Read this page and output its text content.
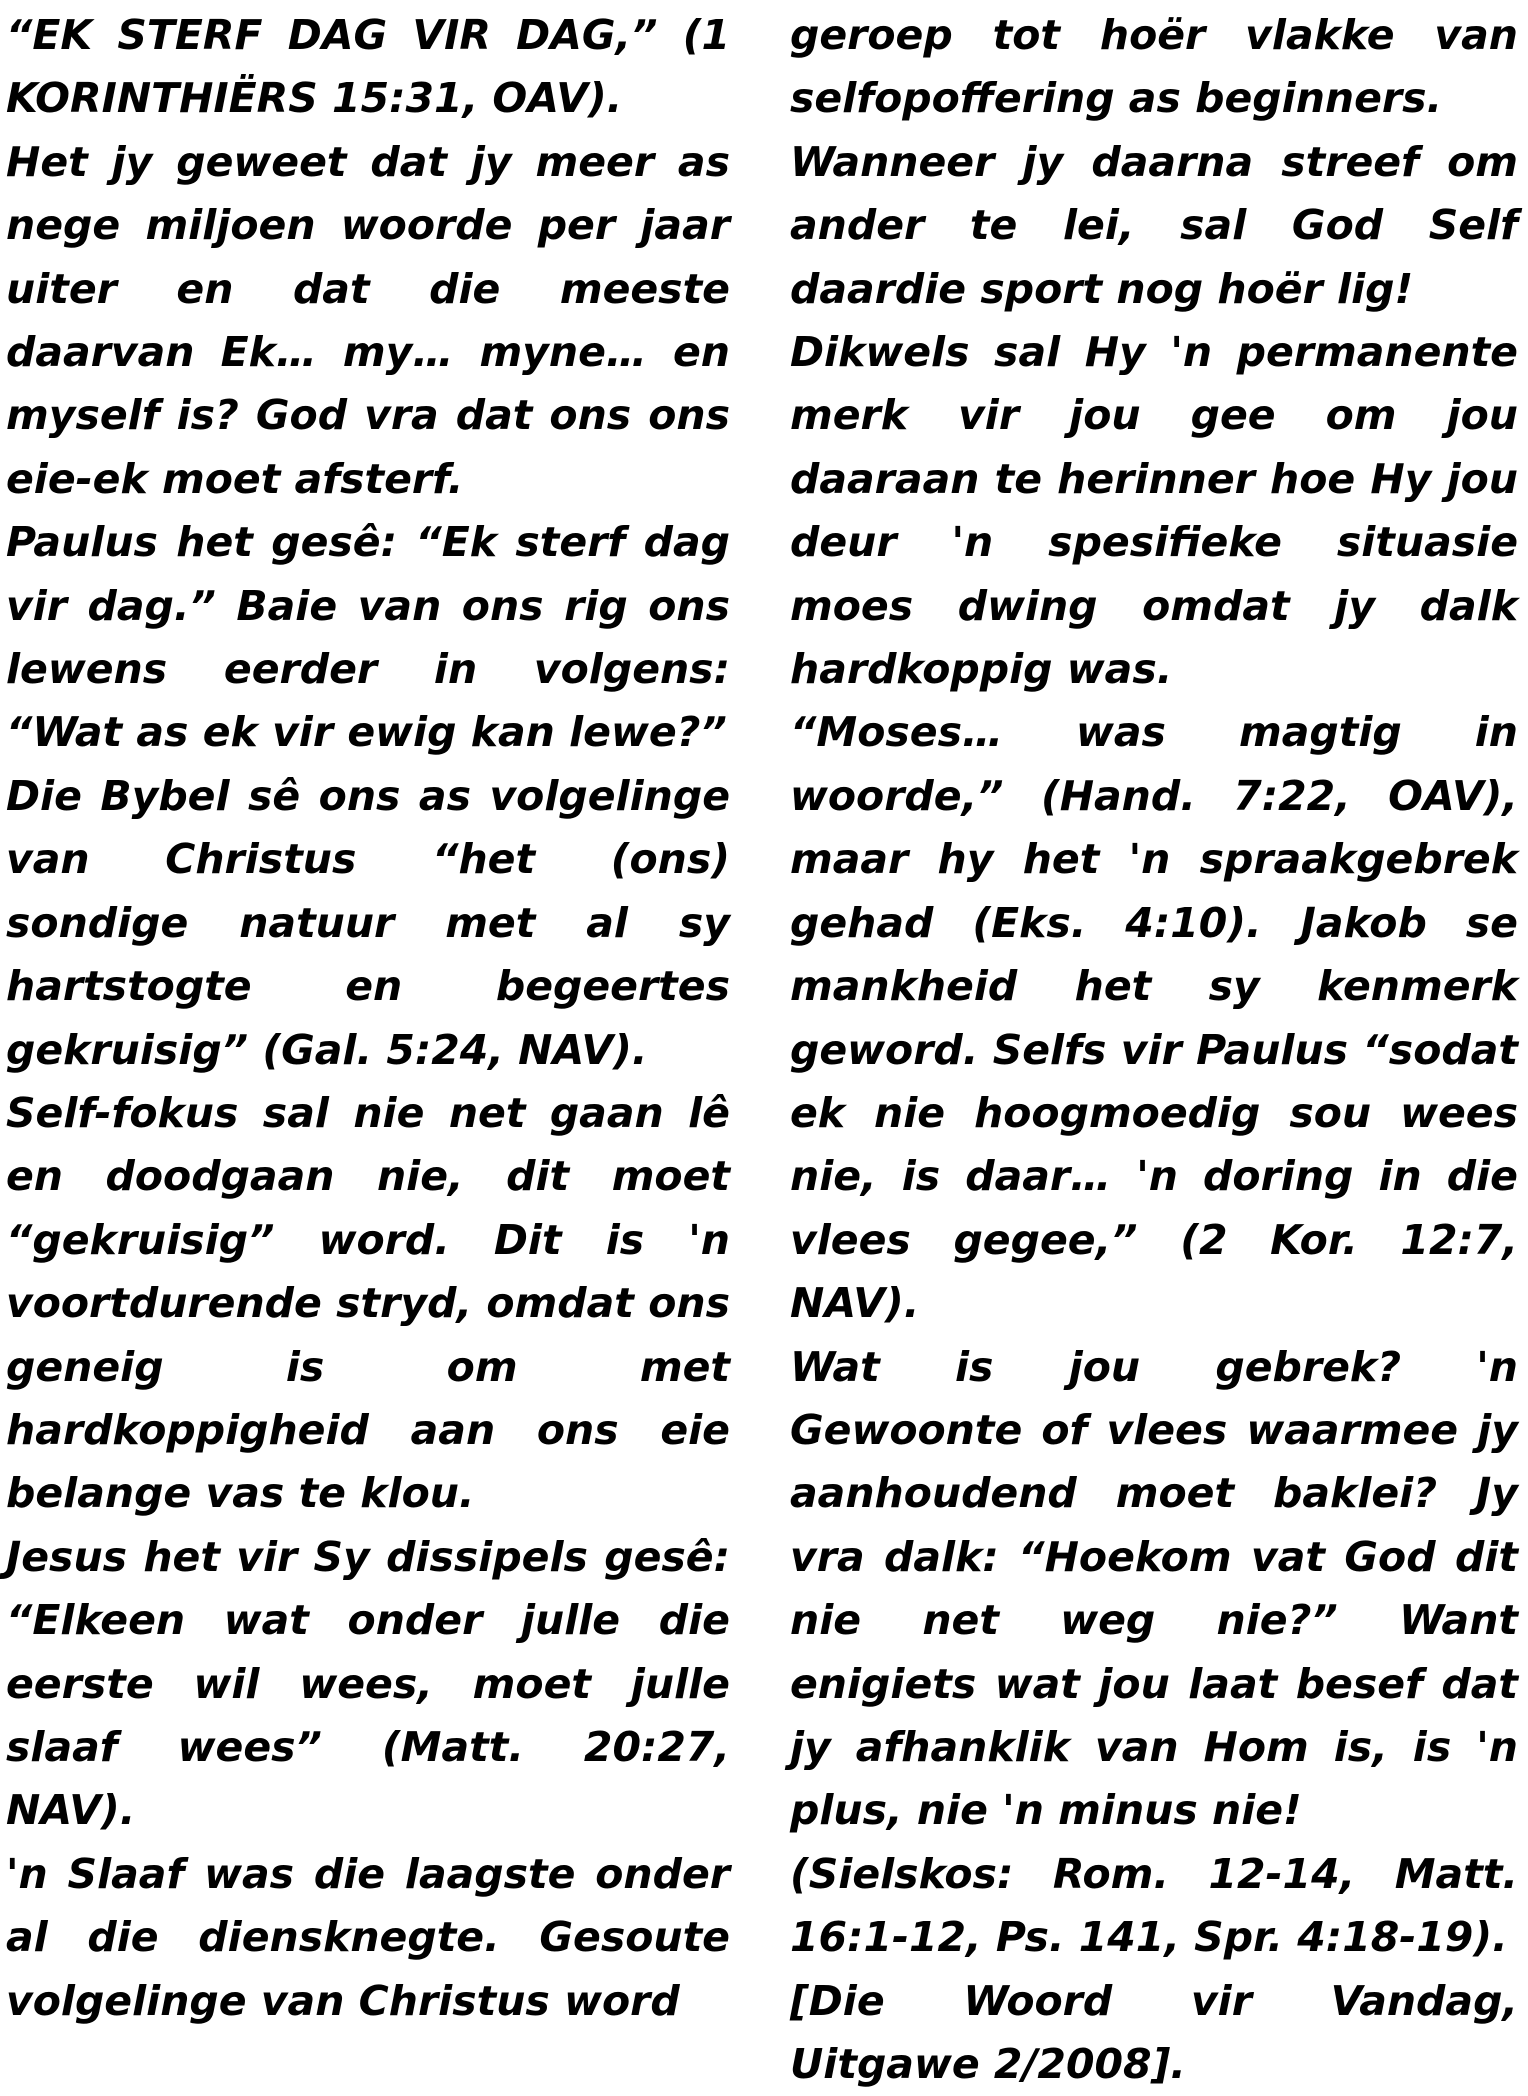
“EK STERF DAG VIR DAG,” (1 KORINTHIËRS 15:31, OAV).

Het jy geweet dat jy meer as nege miljoen woorde per jaar uiter en dat die meeste daarvan Ek… my… myne… en myself is? God vra dat ons ons eie-ek moet afsterf.

Paulus het gesê: “Ek sterf dag vir dag.” Baie van ons rig ons lewens eerder in volgens: “Wat as ek vir ewig kan lewe?”

Die Bybel sê ons as volgelinge van Christus “het (ons) sondige natuur met al sy hartstogte en begeertes gekruisig” (Gal. 5:24, NAV).

Self-fokus sal nie net gaan lê en doodgaan nie, dit moet “gekruisig” word. Dit is 'n voortdurende stryd, omdat ons geneig is om met hardkoppigheid aan ons eie belange vas te klou.

Jesus het vir Sy dissipels gesê: “Elkeen wat onder julle die eerste wil wees, moet julle slaaf wees” (Matt. 20:27, NAV).

'n Slaaf was die laagste onder al die diensknegte. Gesoute volgelinge van Christus word

geroep tot hoër vlakke van selfopoffering as beginners.

Wanneer jy daarna streef om ander te lei, sal God Self daardie sport nog hoër lig!

Dikwels sal Hy 'n permanente merk vir jou gee om jou daaraan te herinner hoe Hy jou deur 'n spesifieke situasie moes dwing omdat jy dalk hardkoppig was.

“Moses… was magtig in woorde,” (Hand. 7:22, OAV), maar hy het 'n spraakgebrek gehad (Eks. 4:10). Jakob se mankheid het sy kenmerk geword. Selfs vir Paulus “sodat ek nie hoogmoedig sou wees nie, is daar… 'n doring in die vlees gegee,” (2 Kor. 12:7, NAV).

Wat is jou gebrek? 'n Gewoonte of vlees waarmee jy aanhoudend moet baklei? Jy vra dalk: “Hoekom vat God dit nie net weg nie?” Want enigiets wat jou laat besef dat jy afhanklik van Hom is, is 'n plus, nie 'n minus nie!

(Sielskos: Rom. 12-14, Matt. 16:1-12, Ps. 141, Spr. 4:18-19).

[Die Woord vir Vandag, Uitgawe 2/2008].
